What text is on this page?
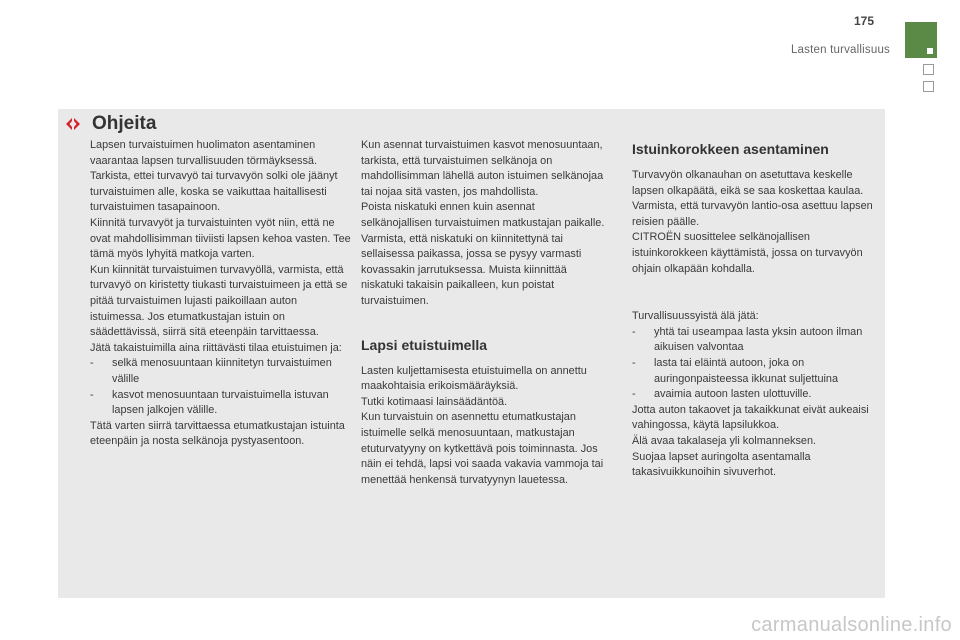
175
Lasten turvallisuus
Ohjeita

Lapsen turvaistuimen huolimaton asentaminen vaarantaa lapsen turvallisuuden törmäyksessä.

Tarkista, ettei turvavyö tai turvavyön solki ole jäänyt turvaistuimen alle, koska se vaikuttaa haitallisesti turvaistuimen tasapainoon.

Kiinnitä turvavyöt ja turvaistuinten vyöt niin, että ne ovat mahdollisimman tiiviisti lapsen kehoa vasten. Tee tämä myös lyhyitä matkoja varten.

Kun kiinnität turvaistuimen turvavyöllä, varmista, että turvavyö on kiristetty tiukasti turvaistuimeen ja että se pitää turvaistuimen lujasti paikoillaan auton istuimessa. Jos etumatkustajan istuin on säädettävissä, siirrä sitä eteenpäin tarvittaessa.

Jätä takaistuimilla aina riittävästi tilaa etuistuimen ja:

-	selkä menosuuntaan kiinnitetyn turvaistuimen välille
-	kasvot menosuuntaan turvaistuimella istuvan lapsen jalkojen välille.

Tätä varten siirrä tarvittaessa etumatkustajan istuinta eteenpäin ja nosta selkänoja pystyasentoon.

Kun asennat turvaistuimen kasvot menosuuntaan, tarkista, että turvaistuimen selkänoja on mahdollisimman lähellä auton istuimen selkänojaa tai nojaa sitä vasten, jos mahdollista.

Poista niskatuki ennen kuin asennat selkänojallisen turvaistuimen matkustajan paikalle.

Varmista, että niskatuki on kiinnitettynä tai sellaisessa paikassa, jossa se pysyy varmasti kovassakin jarrutuksessa. Muista kiinnittää niskatuki takaisin paikalleen, kun poistat turvaistuimen.

Lapsi etuistuimella

Lasten kuljettamisesta etuistuimella on annettu maakohtaisia erikoismääräyksiä.

Tutki kotimaasi lainsäädäntöä.

Kun turvaistuin on asennettu etumatkustajan istuimelle selkä menosuuntaan, matkustajan etuturvatyyny on kytkettävä pois toiminnasta. Jos näin ei tehdä, lapsi voi saada vakavia vammoja tai menettää henkensä turvatyynyn lauetessa.

Istuinkorokkeen asentaminen

Turvavyön olkanauhan on asetuttava keskelle lapsen olkapäätä, eikä se saa koskettaa kaulaa.

Varmista, että turvavyön lantio-osa asettuu lapsen reisien päälle.

CITROËN suosittelee selkänojallisen istuinkorokkeen käyttämistä, jossa on turvavyön ohjain olkapään kohdalla.

Turvallisuussyistä älä jätä:

-	yhtä tai useampaa lasta yksin autoon ilman aikuisen valvontaa
-	lasta tai eläintä autoon, joka on auringonpaisteessa ikkunat suljettuina
-	avaimia autoon lasten ulottuville.

Jotta auton takaovet ja takaikkunat eivät aukeaisi vahingossa, käytä lapsilukkoa.

Älä avaa takalaseja yli kolmanneksen.

Suojaa lapset auringolta asentamalla takasivuikkunoihin sivuverhot.

carmanualsonline.info
